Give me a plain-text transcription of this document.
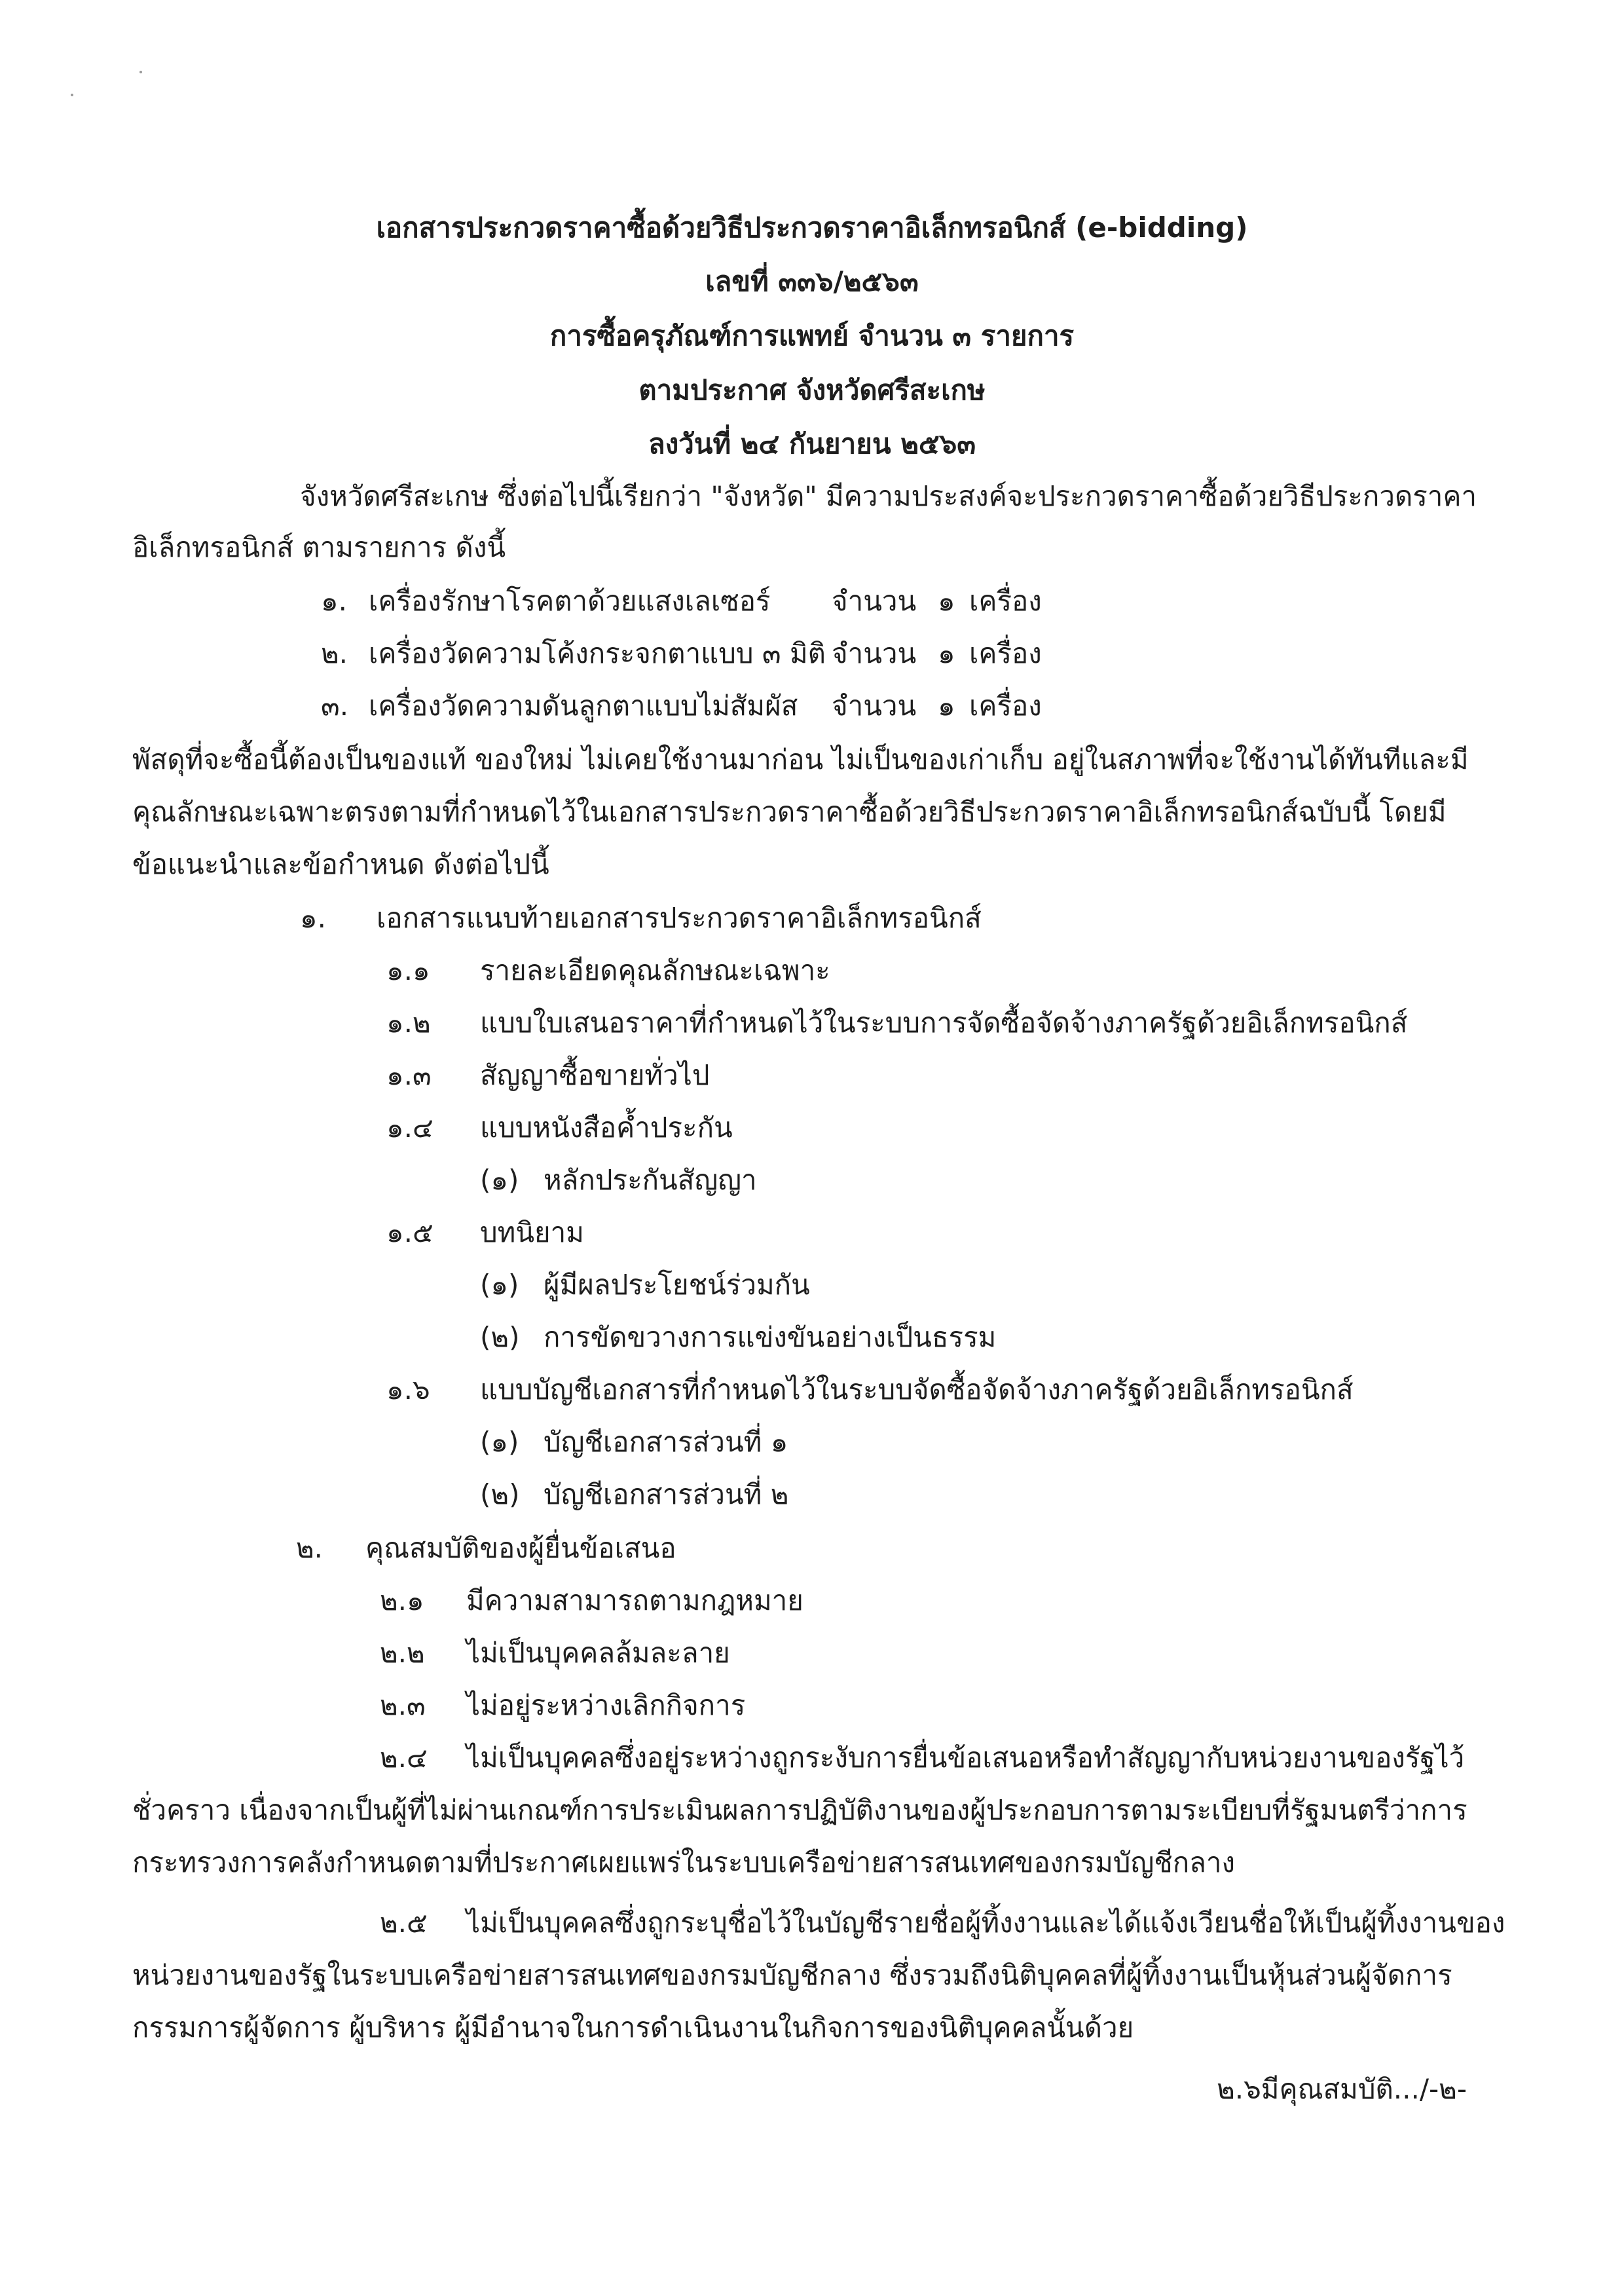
เอกสารประกวดราคาซื้อด้วยวิธีประกวดราคาอิเล็กทรอนิกส์ (e-bidding)
เลขที่ ๓๓๖/๒๕๖๓
การซื้อครุภัณฑ์การแพทย์ จำนวน ๓ รายการ
ตามประกาศ จังหวัดศรีสะเกษ
ลงวันที่ ๒๔ กันยายน ๒๕๖๓
จังหวัดศรีสะเกษ ซึ่งต่อไปนี้เรียกว่า "จังหวัด" มีความประสงค์จะประกวดราคาซื้อด้วยวิธีประกวดราคา
อิเล็กทรอนิกส์ ตามรายการ ดังนี้
๑. เครื่องรักษาโรคตาด้วยแสงเลเซอร์ จำนวน ๑ เครื่อง
๒. เครื่องวัดความโค้งกระจกตาแบบ ๓ มิติ จำนวน ๑ เครื่อง
๓. เครื่องวัดความดันลูกตาแบบไม่สัมผัส จำนวน ๑ เครื่อง
พัสดุที่จะซื้อนี้ต้องเป็นของแท้ ของใหม่ ไม่เคยใช้งานมาก่อน ไม่เป็นของเก่าเก็บ อยู่ในสภาพที่จะใช้งานได้ทันทีและมี
คุณลักษณะเฉพาะตรงตามที่กำหนดไว้ในเอกสารประกวดราคาซื้อด้วยวิธีประกวดราคาอิเล็กทรอนิกส์ฉบับนี้ โดยมี
ข้อแนะนำและข้อกำหนด ดังต่อไปนี้
๑. เอกสารแนบท้ายเอกสารประกวดราคาอิเล็กทรอนิกส์
๑.๑ รายละเอียดคุณลักษณะเฉพาะ
๑.๒ แบบใบเสนอราคาที่กำหนดไว้ในระบบการจัดซื้อจัดจ้างภาครัฐด้วยอิเล็กทรอนิกส์
๑.๓ สัญญาซื้อขายทั่วไป
๑.๔ แบบหนังสือค้ำประกัน
(๑) หลักประกันสัญญา
๑.๕ บทนิยาม
(๑) ผู้มีผลประโยชน์ร่วมกัน
(๒) การขัดขวางการแข่งขันอย่างเป็นธรรม
๑.๖ แบบบัญชีเอกสารที่กำหนดไว้ในระบบจัดซื้อจัดจ้างภาครัฐด้วยอิเล็กทรอนิกส์
(๑) บัญชีเอกสารส่วนที่ ๑
(๒) บัญชีเอกสารส่วนที่ ๒
๒. คุณสมบัติของผู้ยื่นข้อเสนอ
๒.๑ มีความสามารถตามกฎหมาย
๒.๒ ไม่เป็นบุคคลล้มละลาย
๒.๓ ไม่อยู่ระหว่างเลิกกิจการ
๒.๔ ไม่เป็นบุคคลซึ่งอยู่ระหว่างถูกระงับการยื่นข้อเสนอหรือทำสัญญากับหน่วยงานของรัฐไว้
ชั่วคราว เนื่องจากเป็นผู้ที่ไม่ผ่านเกณฑ์การประเมินผลการปฏิบัติงานของผู้ประกอบการตามระเบียบที่รัฐมนตรีว่าการ
กระทรวงการคลังกำหนดตามที่ประกาศเผยแพร่ในระบบเครือข่ายสารสนเทศของกรมบัญชีกลาง
๒.๕ ไม่เป็นบุคคลซึ่งถูกระบุชื่อไว้ในบัญชีรายชื่อผู้ทิ้งงานและได้แจ้งเวียนชื่อให้เป็นผู้ทิ้งงานของ
หน่วยงานของรัฐในระบบเครือข่ายสารสนเทศของกรมบัญชีกลาง ซึ่งรวมถึงนิติบุคคลที่ผู้ทิ้งงานเป็นหุ้นส่วนผู้จัดการ
กรรมการผู้จัดการ ผู้บริหาร ผู้มีอำนาจในการดำเนินงานในกิจการของนิติบุคคลนั้นด้วย
๒.๖มีคุณสมบัติ.../-๒-
